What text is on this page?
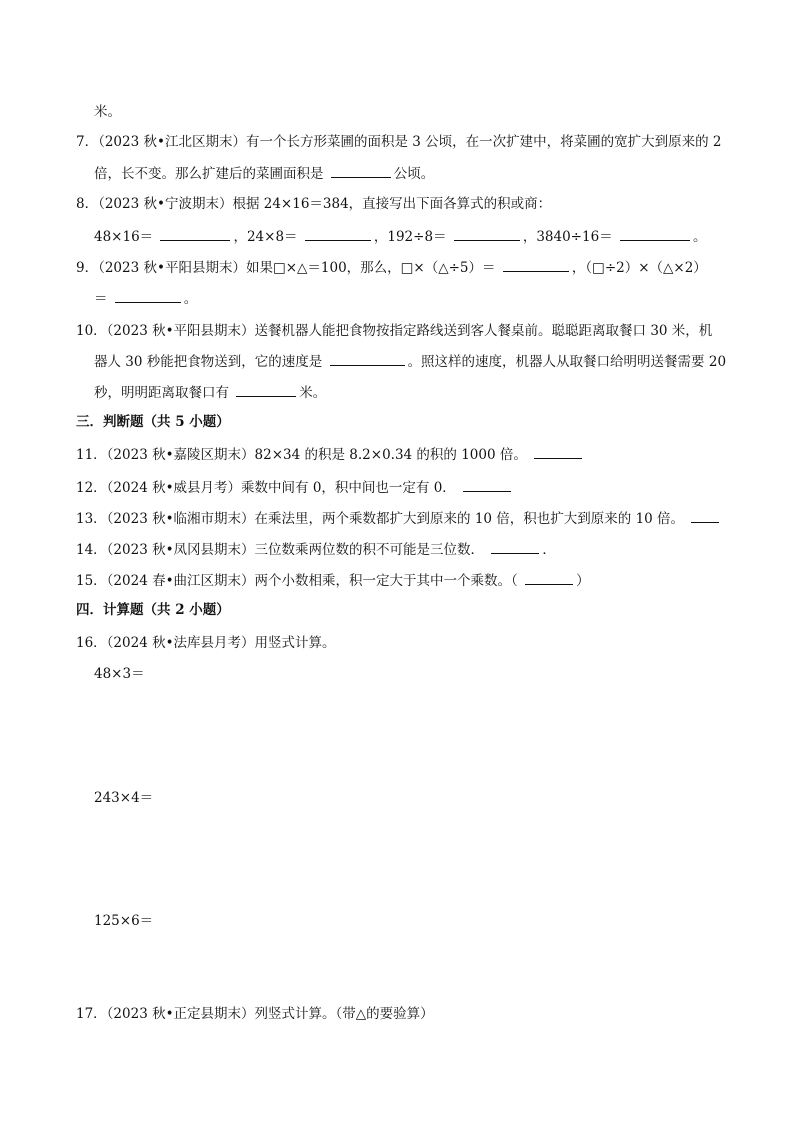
米。
7．（2023 秋•江北区期末）有一个长方形菜圃的面积是 3 公顷，在一次扩建中，将菜圃的宽扩大到原来的 2
倍，长不变。那么扩建后的菜圃面积是	公顷。
8．（2023 秋•宁波期末）根据 24×16＝384，直接写出下面各算式的积或商：
48×16＝	，24×8＝	，192÷8＝	，3840÷16＝	。
9．（2023 秋•平阳县期末）如果□×△＝100，那么，□×（△÷5）＝	，（□÷2）×（△×2）
＝	。
10．（2023 秋•平阳县期末）送餐机器人能把食物按指定路线送到客人餐桌前。聪聪距离取餐口 30 米，机
器人 30 秒能把食物送到，它的速度是	。照这样的速度，机器人从取餐口给明明送餐需要 20
秒，明明距离取餐口有	米。
三．判断题（共 5 小题）
11．（2023 秋•嘉陵区期末）82×34 的积是 8.2×0.34 的积的 1000 倍。
12．（2024 秋•威县月考）乘数中间有 0，积中间也一定有 0．
13．（2023 秋•临湘市期末）在乘法里，两个乘数都扩大到原来的 10 倍，积也扩大到原来的 10 倍。
14．（2023 秋•凤冈县期末）三位数乘两位数的积不可能是三位数．	．
15．（2024 春•曲江区期末）两个小数相乘，积一定大于其中一个乘数。（	）
四．计算题（共 2 小题）
16．（2024 秋•法库县月考）用竖式计算。
48×3＝
243×4＝
125×6＝
17．（2023 秋•正定县期末）列竖式计算。（带△的要验算）
